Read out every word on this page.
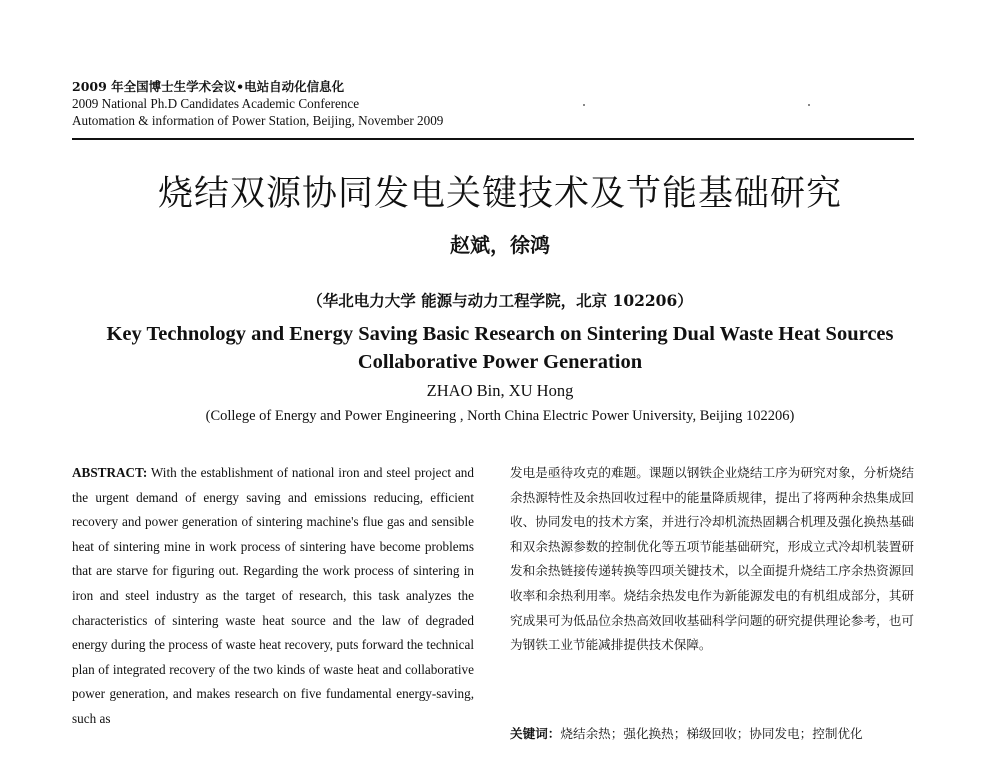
2009 年全国博士生学术会议•电站自动化信息化
2009 National Ph.D Candidates Academic Conference
Automation & information of Power Station, Beijing, November 2009
烧结双源协同发电关键技术及节能基础研究
赵斌，徐鸿
（华北电力大学 能源与动力工程学院，北京 102206）
Key Technology and Energy Saving Basic Research on Sintering Dual Waste Heat Sources Collaborative Power Generation
ZHAO Bin, XU Hong
(College of Energy and Power Engineering , North China Electric Power University, Beijing 102206)
ABSTRACT: With the establishment of national iron and steel project and the urgent demand of energy saving and emissions reducing, efficient recovery and power generation of sintering machine's flue gas and sensible heat of sintering mine in work process of sintering have become problems that are starve for figuring out. Regarding the work process of sintering in iron and steel industry as the target of research, this task analyzes the characteristics of sintering waste heat source and the law of degraded energy during the process of waste heat recovery, puts forward the technical plan of integrated recovery of the two kinds of waste heat and collaborative power generation, and makes research on five fundamental energy-saving, such as
发电是亟待攻克的难题。课题以钢铁企业烧结工序为研究对象，分析烧结余热源特性及余热回收过程中的能量降质规律，提出了将两种余热集成回收、协同发电的技术方案，并进行冷却机流热固耦合机理及强化换热基础和双余热源参数的控制优化等五项节能基础研究，形成立式冷却机装置研发和余热链接传递转换等四项关键技术，以全面提升烧结工序余热资源回收率和余热利用率。烧结余热发电作为新能源发电的有机组成部分，其研究成果可为低品位余热高效回收基础科学问题的研究提供理论参考，也可为钢铁工业节能减排提供技术保障。
关键词：烧结余热；强化换热；梯级回收；协同发电；控制优化
